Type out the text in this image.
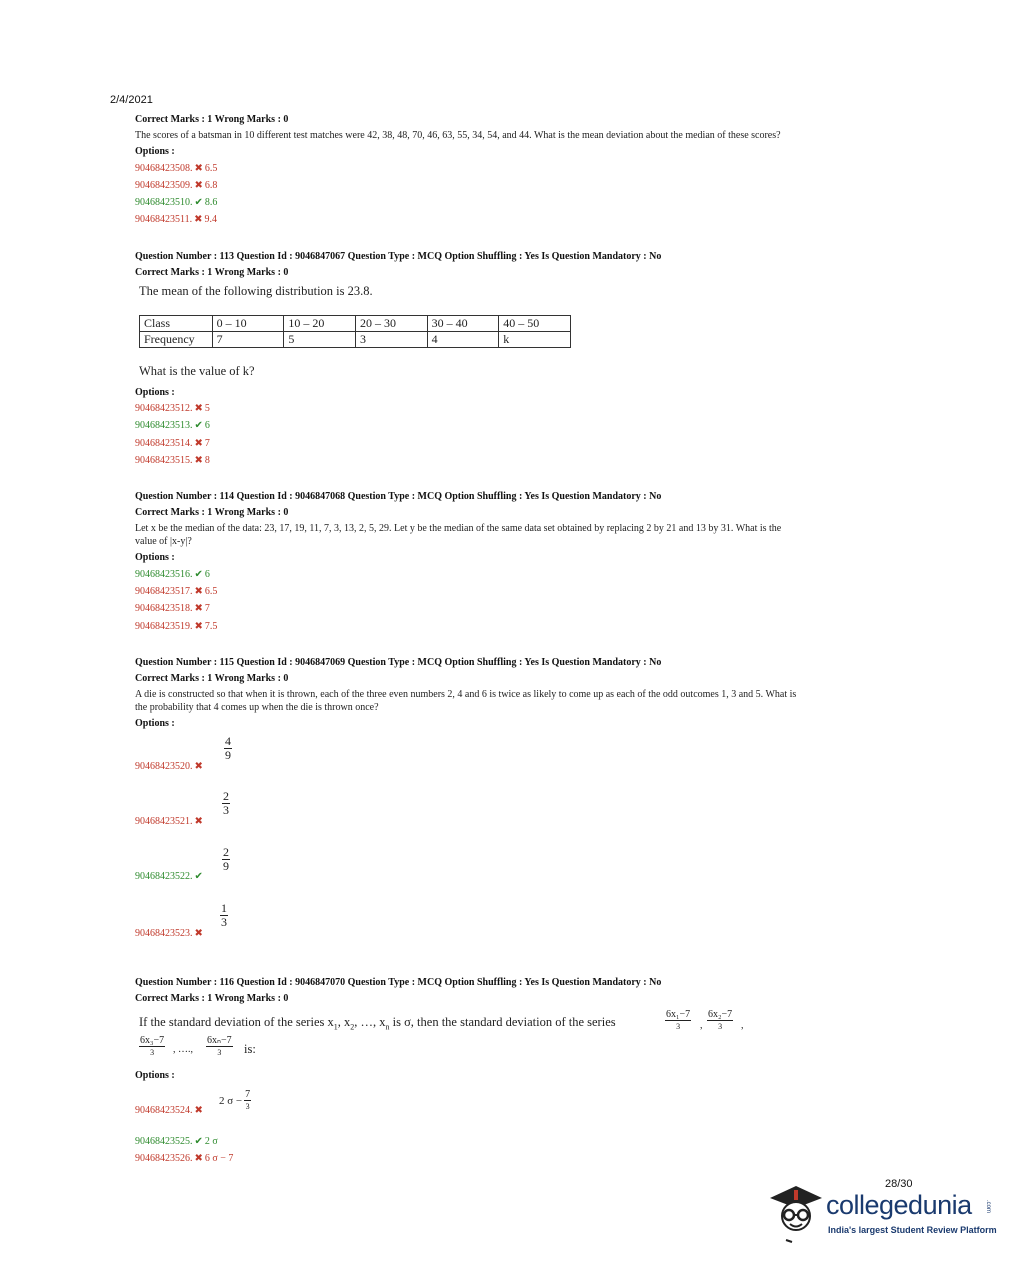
2/4/2021
Correct Marks : 1 Wrong Marks : 0
The scores of a batsman in 10 different test matches were 42, 38, 48, 70, 46, 63, 55, 34, 54, and 44. What is the mean deviation about the median of these scores?
Options :
90468423508. ✖ 6.5
90468423509. ✖ 6.8
90468423510. ✔ 8.6
90468423511. ✖ 9.4
Question Number : 113 Question Id : 9046847067 Question Type : MCQ Option Shuffling : Yes Is Question Mandatory : No
Correct Marks : 1 Wrong Marks : 0
The mean of the following distribution is 23.8.
Class	0 – 10	10 – 20	20 – 30	30 – 40	40 – 50
Frequency	7	5	3	4	k
What is the value of k?
Options :
90468423512. ✖ 5
90468423513. ✔ 6
90468423514. ✖ 7
90468423515. ✖ 8
Question Number : 114 Question Id : 9046847068 Question Type : MCQ Option Shuffling : Yes Is Question Mandatory : No
Correct Marks : 1 Wrong Marks : 0
Let x be the median of the data: 23, 17, 19, 11, 7, 3, 13, 2, 5, 29. Let y be the median of the same data set obtained by replacing 2 by 21 and 13 by 31. What is the
value of |x-y|?
Options :
90468423516. ✔ 6
90468423517. ✖ 6.5
90468423518. ✖ 7
90468423519. ✖ 7.5
Question Number : 115 Question Id : 9046847069 Question Type : MCQ Option Shuffling : Yes Is Question Mandatory : No
Correct Marks : 1 Wrong Marks : 0
A die is constructed so that when it is thrown, each of the three even numbers 2, 4 and 6 is twice as likely to come up as each of the odd outcomes 1, 3 and 5. What is
the probability that 4 comes up when the die is thrown once?
Options :
90468423520. ✖
$\frac{4}{9}$
90468423521. ✖
$\frac{2}{3}$
90468423522. ✔
$\frac{2}{9}$
90468423523. ✖
$\frac{1}{3}$
Question Number : 116 Question Id : 9046847070 Question Type : MCQ Option Shuffling : Yes Is Question Mandatory : No
Correct Marks : 1 Wrong Marks : 0
If the standard deviation of the series $x_1$, $x_2$, …, $x_n$ is σ, then the standard deviation of the series
6x₁−7
3 ,
6x₂−7
3 ,
6x₃−7
3 , ….,
6xₙ−7
3 is:
Options :
90468423524. ✖
2 $\sigma - \frac{7}{3}$
90468423525. ✔ 2 σ
90468423526. ✖ 6 σ − 7
28/30
collegedunia .com
India's largest Student Review Platform
